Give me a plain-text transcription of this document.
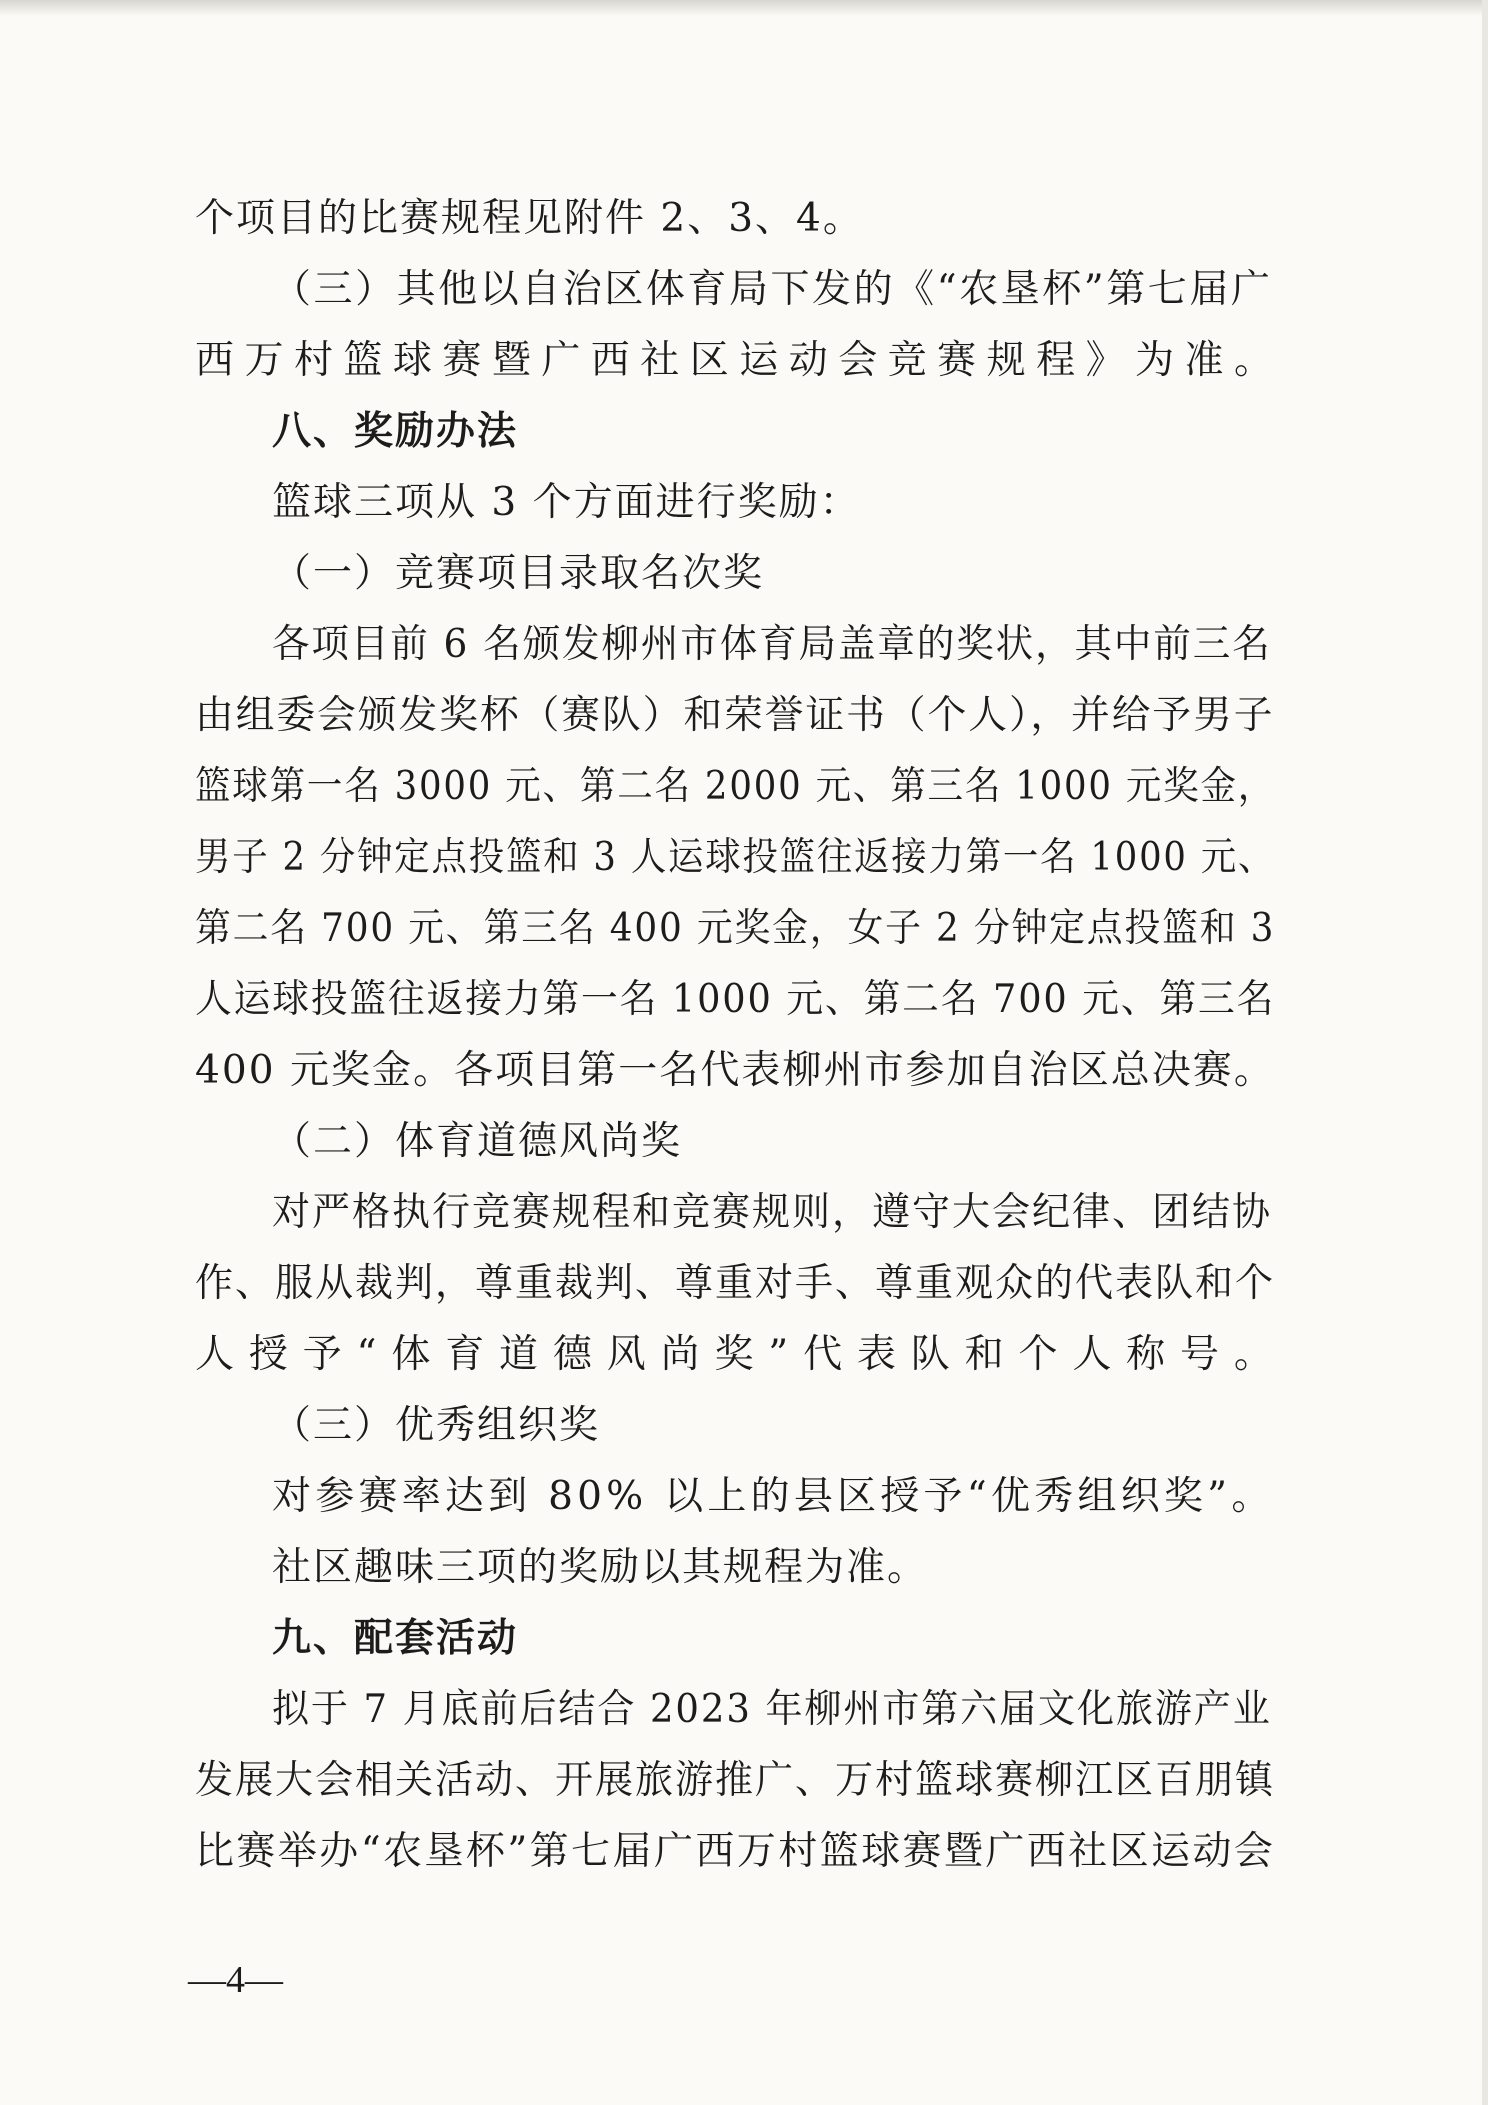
个项目的比赛规程见附件 2、3、4。
（三）其他以自治区体育局下发的《“农垦杯”第七届广
西万村篮球赛暨广西社区运动会竞赛规程》为准。
八、奖励办法
篮球三项从 3 个方面进行奖励：
（一）竞赛项目录取名次奖
各项目前 6 名颁发柳州市体育局盖章的奖状，其中前三名
由组委会颁发奖杯（赛队）和荣誉证书（个人），并给予男子
篮球第一名 3000 元、第二名 2000 元、第三名 1000 元奖金，
男子 2 分钟定点投篮和 3 人运球投篮往返接力第一名 1000 元、
第二名 700 元、第三名 400 元奖金，女子 2 分钟定点投篮和 3
人运球投篮往返接力第一名 1000 元、第二名 700 元、第三名
400 元奖金。各项目第一名代表柳州市参加自治区总决赛。
（二）体育道德风尚奖
对严格执行竞赛规程和竞赛规则，遵守大会纪律、团结协
作、服从裁判，尊重裁判、尊重对手、尊重观众的代表队和个
人授予“体育道德风尚奖”代表队和个人称号。
（三）优秀组织奖
对参赛率达到 80% 以上的县区授予“优秀组织奖”。
社区趣味三项的奖励以其规程为准。
九、配套活动
拟于 7 月底前后结合 2023 年柳州市第六届文化旅游产业
发展大会相关活动、开展旅游推广、万村篮球赛柳江区百朋镇
比赛举办“农垦杯”第七届广西万村篮球赛暨广西社区运动会
—4—
